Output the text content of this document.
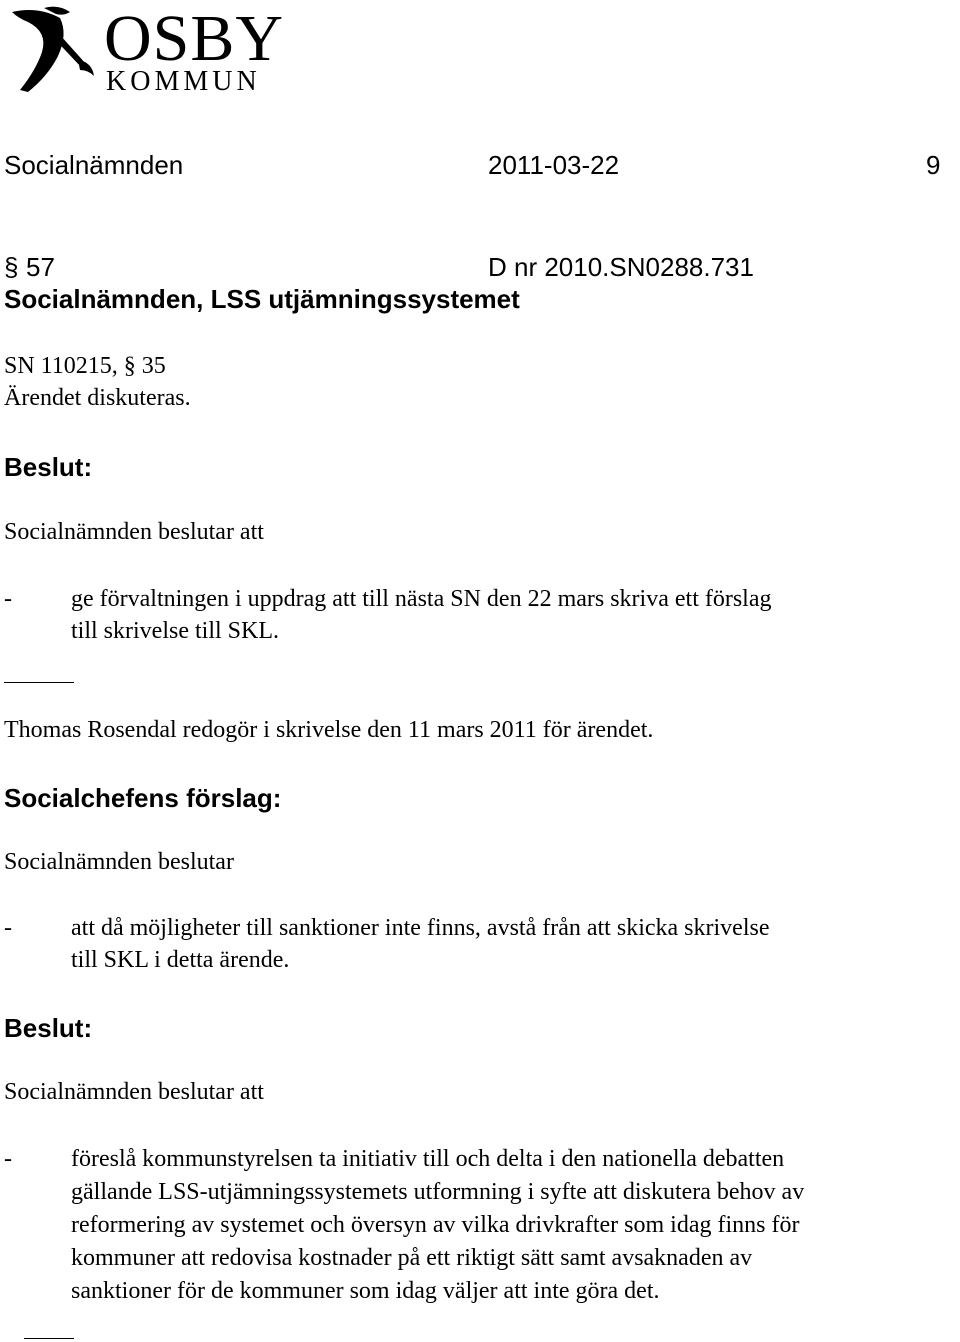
OSBY
KOMMUN
Socialnämnden	2011-03-22	9
§ 57	D nr 2010.SN0288.731
Socialnämnden, LSS utjämningssystemet
SN 110215, § 35
Ärendet diskuteras.
Beslut:
Socialnämnden beslutar att
- ge förvaltningen i uppdrag att till nästa SN den 22 mars skriva ett förslag
till skrivelse till SKL.
Thomas Rosendal redogör i skrivelse den 11 mars 2011 för ärendet.
Socialchefens förslag:
Socialnämnden beslutar
- att då möjligheter till sanktioner inte finns, avstå från att skicka skrivelse
till SKL i detta ärende.
Beslut:
Socialnämnden beslutar att
- föreslå kommunstyrelsen ta initiativ till och delta i den nationella debatten
gällande LSS-utjämningssystemets utformning i syfte att diskutera behov av
reformering av systemet och översyn av vilka drivkrafter som idag finns för
kommuner att redovisa kostnader på ett riktigt sätt samt avsaknaden av
sanktioner för de kommuner som idag väljer att inte göra det.
